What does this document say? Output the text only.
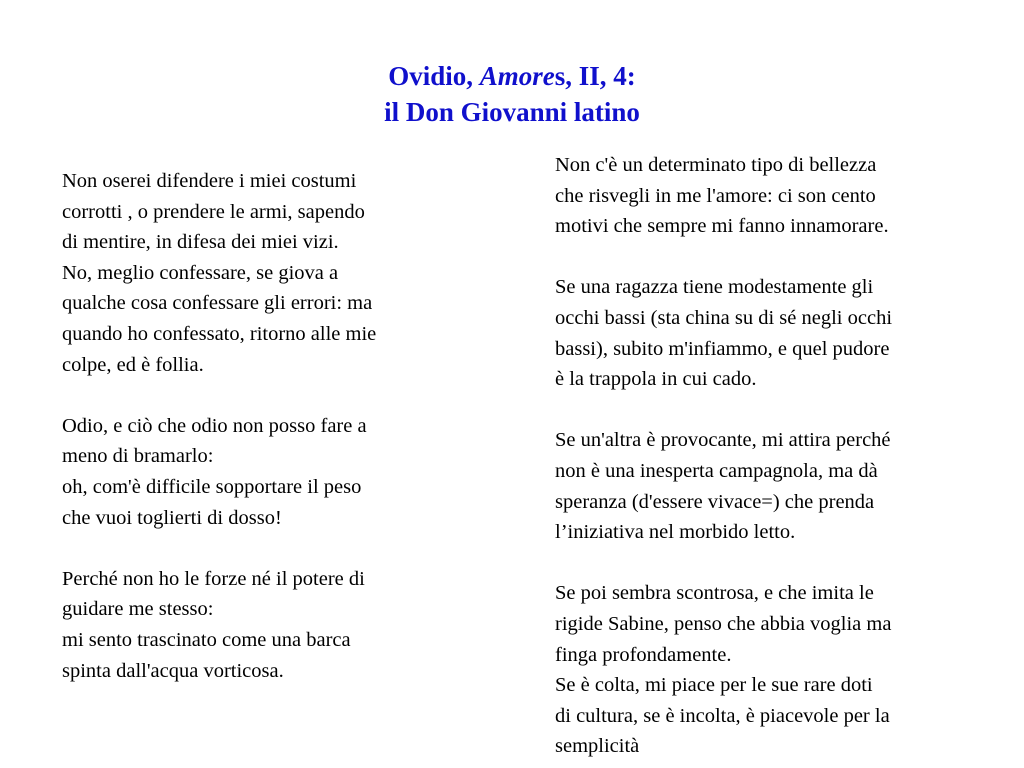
Ovidio, Amores, II, 4:
il Don Giovanni latino
Non oserei difendere i miei costumi
corrotti , o prendere le armi, sapendo
di mentire, in difesa dei miei vizi.
No, meglio confessare, se giova a
qualche cosa confessare gli errori: ma
quando ho confessato, ritorno alle mie
colpe, ed è follia.
Odio, e ciò che odio non posso fare a
meno di bramarlo:
oh, com'è difficile sopportare il peso
che vuoi toglierti di dosso!
Perché non ho le forze né il potere di
guidare me stesso:
mi sento trascinato come una barca
spinta dall'acqua vorticosa.
Non c'è un determinato tipo di bellezza
che risvegli in me l'amore: ci son cento
motivi che sempre mi fanno innamorare.
Se una ragazza tiene modestamente gli
occhi bassi (sta china su di sé negli occhi
bassi), subito m'infiammo, e quel pudore
è la trappola in cui cado.
Se un'altra è provocante, mi attira perché
non è una inesperta campagnola, ma dà
speranza (d'essere vivace=) che prenda
l’iniziativa nel morbido letto.
Se poi sembra scontrosa, e che imita le
rigide Sabine, penso che abbia voglia ma
finga profondamente.
Se è colta, mi piace per le sue rare doti
di cultura, se è incolta, è piacevole per la
semplicità
